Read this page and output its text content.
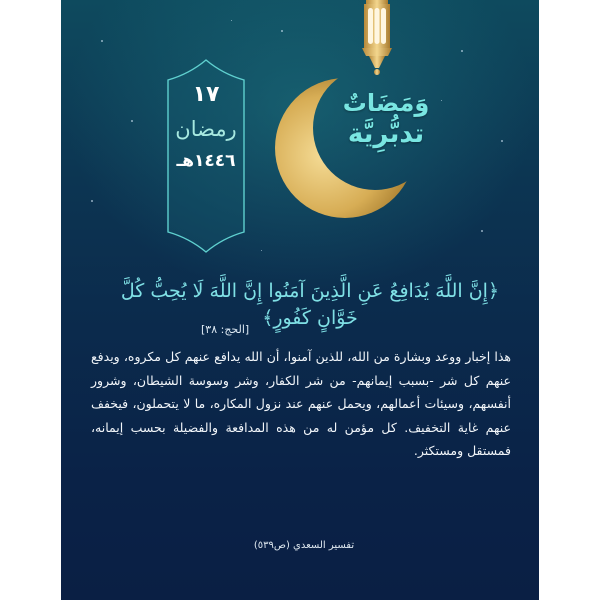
وَمَضَاتٌ
تدبُّرِيَّة
١٧
رمضان
١٤٤٦هـ
﴿إِنَّ اللَّهَ يُدَافِعُ عَنِ الَّذِينَ آمَنُوا إِنَّ اللَّهَ لَا يُحِبُّ كُلَّ خَوَّانٍ كَفُورٍ﴾
[الحج: ٣٨]
هذا إخبار ووعد وبشارة من الله، للذين آمنوا، أن الله يدافع عنهم كل مكروه، ويدفع عنهم كل شر -بسبب إيمانهم- من شر الكفار، وشر وسوسة الشيطان، وشرور أنفسهم، وسيئات أعمالهم، ويحمل عنهم عند نزول المكاره، ما لا يتحملون، فيخفف عنهم غاية التخفيف. كل مؤمن له من هذه المدافعة والفضيلة بحسب إيمانه، فمستقل ومستكثر.
تفسير السعدي (ص٥٣٩)
